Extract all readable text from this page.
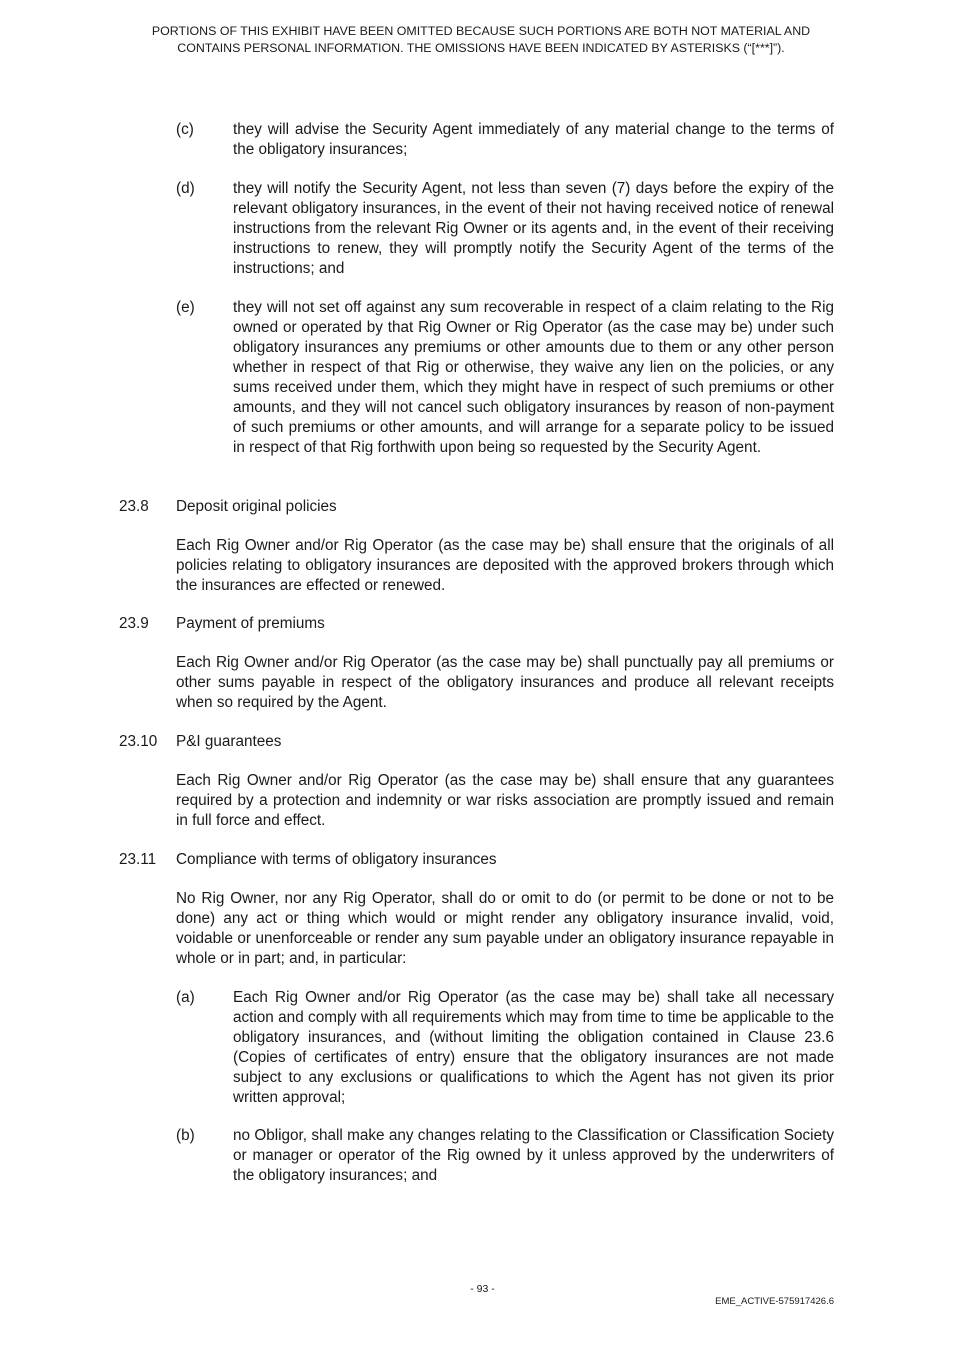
PORTIONS OF THIS EXHIBIT HAVE BEEN OMITTED BECAUSE SUCH PORTIONS ARE BOTH NOT MATERIAL AND
CONTAINS PERSONAL INFORMATION. THE OMISSIONS HAVE BEEN INDICATED BY ASTERISKS (“[***]”).
(c)	they will advise the Security Agent immediately of any material change to the terms of the obligatory insurances;
(d)	they will notify the Security Agent, not less than seven (7) days before the expiry of the relevant obligatory insurances, in the event of their not having received notice of renewal instructions from the relevant Rig Owner or its agents and, in the event of their receiving instructions to renew, they will promptly notify the Security Agent of the terms of the instructions; and
(e)	they will not set off against any sum recoverable in respect of a claim relating to the Rig owned or operated by that Rig Owner or Rig Operator (as the case may be) under such obligatory insurances any premiums or other amounts due to them or any other person whether in respect of that Rig or otherwise, they waive any lien on the policies, or any sums received under them, which they might have in respect of such premiums or other amounts, and they will not cancel such obligatory insurances by reason of non-payment of such premiums or other amounts, and will arrange for a separate policy to be issued in respect of that Rig forthwith upon being so requested by the Security Agent.
23.8 Deposit original policies
Each Rig Owner and/or Rig Operator (as the case may be) shall ensure that the originals of all policies relating to obligatory insurances are deposited with the approved brokers through which the insurances are effected or renewed.
23.9 Payment of premiums
Each Rig Owner and/or Rig Operator (as the case may be) shall punctually pay all premiums or other sums payable in respect of the obligatory insurances and produce all relevant receipts when so required by the Agent.
23.10 P&I guarantees
Each Rig Owner and/or Rig Operator (as the case may be) shall ensure that any guarantees required by a protection and indemnity or war risks association are promptly issued and remain in full force and effect.
23.11 Compliance with terms of obligatory insurances
No Rig Owner, nor any Rig Operator, shall do or omit to do (or permit to be done or not to be done) any act or thing which would or might render any obligatory insurance invalid, void, voidable or unenforceable or render any sum payable under an obligatory insurance repayable in whole or in part; and, in particular:
(a)	Each Rig Owner and/or Rig Operator (as the case may be) shall take all necessary action and comply with all requirements which may from time to time be applicable to the obligatory insurances, and (without limiting the obligation contained in Clause 23.6 (Copies of certificates of entry) ensure that the obligatory insurances are not made subject to any exclusions or qualifications to which the Agent has not given its prior written approval;
(b)	no Obligor, shall make any changes relating to the Classification or Classification Society or manager or operator of the Rig owned by it unless approved by the underwriters of the obligatory insurances; and
- 93 -
EME_ACTIVE-575917426.6
